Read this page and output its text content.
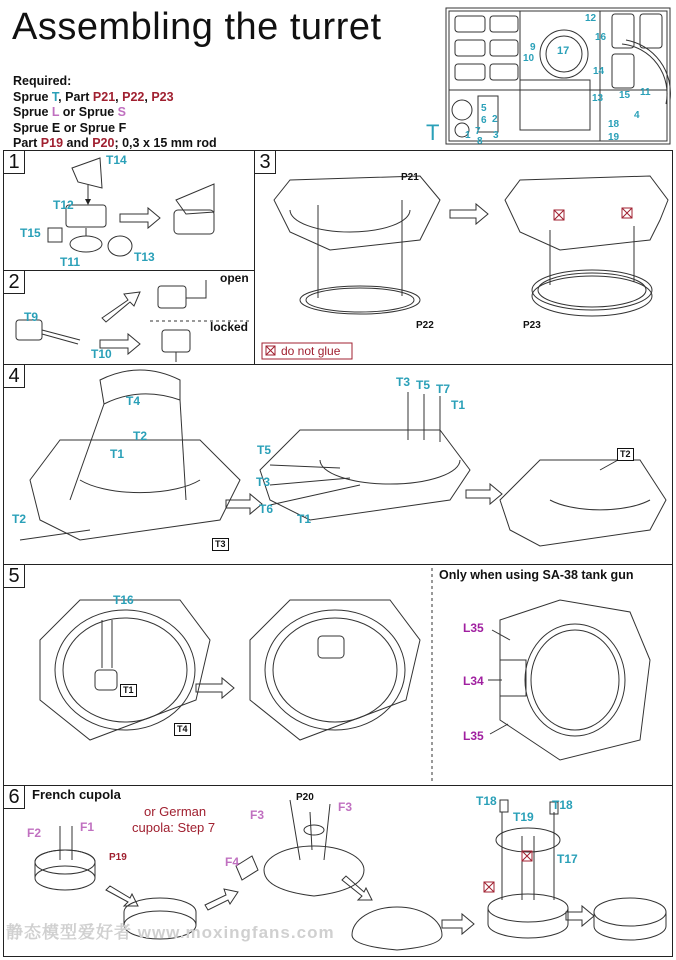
Assembling the turret
Required:
Sprue T, Part P21, P22, P23
Sprue L or Sprue S
Sprue E or Sprue F
Part P19 and P20; 0,3 x 15 mm rod	T
12
16
17
9
10
14
13 15 11
4
18
19
5
6
7
8
2
3
1
1
2
3
4
5
6
T14
T12
T15
T11	T13
T9
T10
open
locked
P21
P22	P23
do not glue
T4
T2
T1
T2
T3 T5 T7
T1
T5
T3
T6
T1
T3
T2
T16
T1
T4
Only when using SA-38 tank gun
L35
L34
L35
French cupola
or German
cupola: Step 7
F2	F1
P19
F3
P20
F3
F4
T18	T18
T19
T17
静态模型爱好者 www.moxingfans.com
